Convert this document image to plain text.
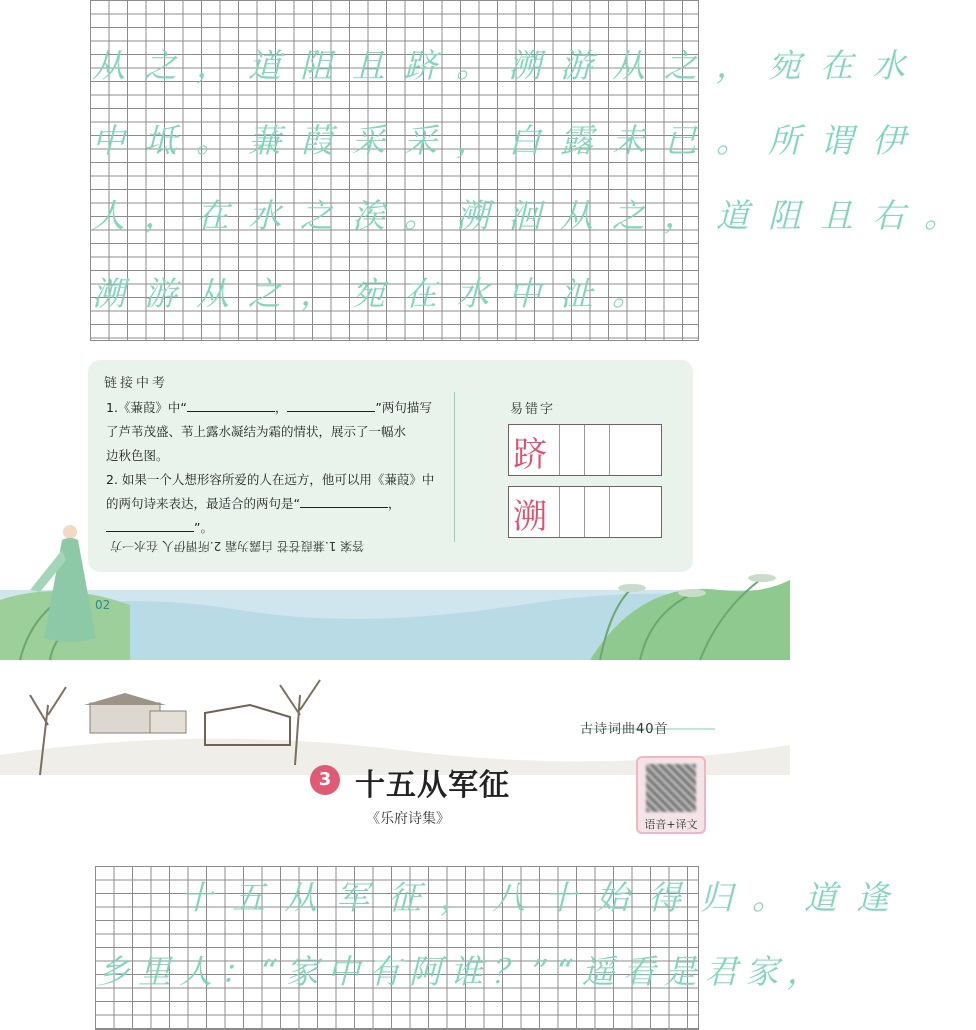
从之，道阻且跻。溯游从之，宛在水
中坻。蒹葭采采，白露未已。所谓伊
人，在水之涘。溯洄从之，道阻且右。
溯游从之，宛在水中沚。
链接中考
1.《蒹葭》中“	，	”两句描写
了芦苇茂盛、苇上露水凝结为霜的情状，展示了一幅水
边秋色图。
2. 如果一个人想形容所爱的人在远方，他可以用《蒹葭》中
的两句诗来表达，最适合的两句是“	，
”。
答案 1.蒹葭苍苍 白露为霜 2.所谓伊人 在水一方
易错字
跻
溯
02
古诗词曲40首
3 十五从军征
《乐府诗集》	语音+译文
十五从军征，八十始得归。道逢
乡里人：“家中有阿谁？”“遥看是君家，
